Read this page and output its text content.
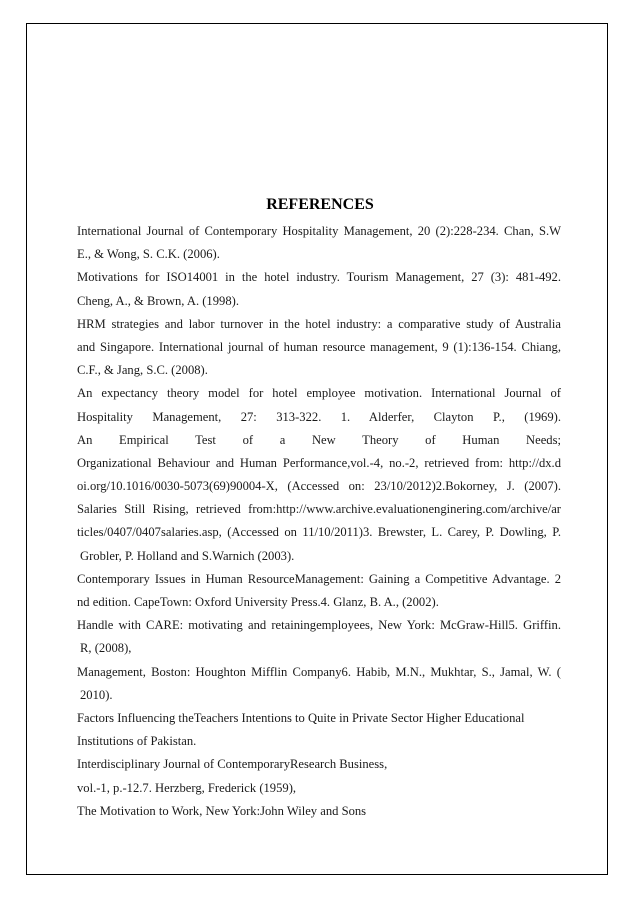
REFERENCES
International Journal of Contemporary Hospitality Management, 20 (2):228-234. Chan, S.W
E., & Wong, S. C.K. (2006).
Motivations for ISO14001 in the hotel industry. Tourism Management, 27 (3): 481-492.
Cheng, A., & Brown, A. (1998).
HRM strategies and labor turnover in the hotel industry: a comparative study of Australia
and Singapore. International journal of human resource management, 9 (1):136-154. Chiang,
C.F., & Jang, S.C. (2008).
An expectancy theory model for hotel employee motivation. International Journal of
Hospitality Management, 27: 313-322. 1. Alderfer, Clayton P., (1969).
An Empirical Test of a New Theory of Human Needs;
Organizational Behaviour and Human Performance,vol.-4, no.-2, retrieved from: http://dx.d
oi.org/10.1016/0030-5073(69)90004-X, (Accessed on: 23/10/2012)2.Bokorney, J. (2007).
Salaries Still Rising, retrieved from:http://www.archive.evaluationenginering.com/archive/ar
ticles/0407/0407salaries.asp, (Accessed on 11/10/2011)3. Brewster, L. Carey, P. Dowling, P.
Grobler, P. Holland and S.Warnich (2003).
Contemporary Issues in Human ResourceManagement: Gaining a Competitive Advantage. 2
nd edition. CapeTown: Oxford University Press.4. Glanz, B. A., (2002).
Handle with CARE: motivating and retainingemployees, New York: McGraw-Hill5. Griffin.
R, (2008),
Management, Boston: Houghton Mifflin Company6. Habib, M.N., Mukhtar, S., Jamal, W. (
2010).
Factors Influencing theTeachers Intentions to Quite in Private Sector Higher Educational
Institutions of Pakistan.
Interdisciplinary Journal of ContemporaryResearch Business,
vol.-1, p.-12.7. Herzberg, Frederick (1959),
The Motivation to Work, New York:John Wiley and Sons
